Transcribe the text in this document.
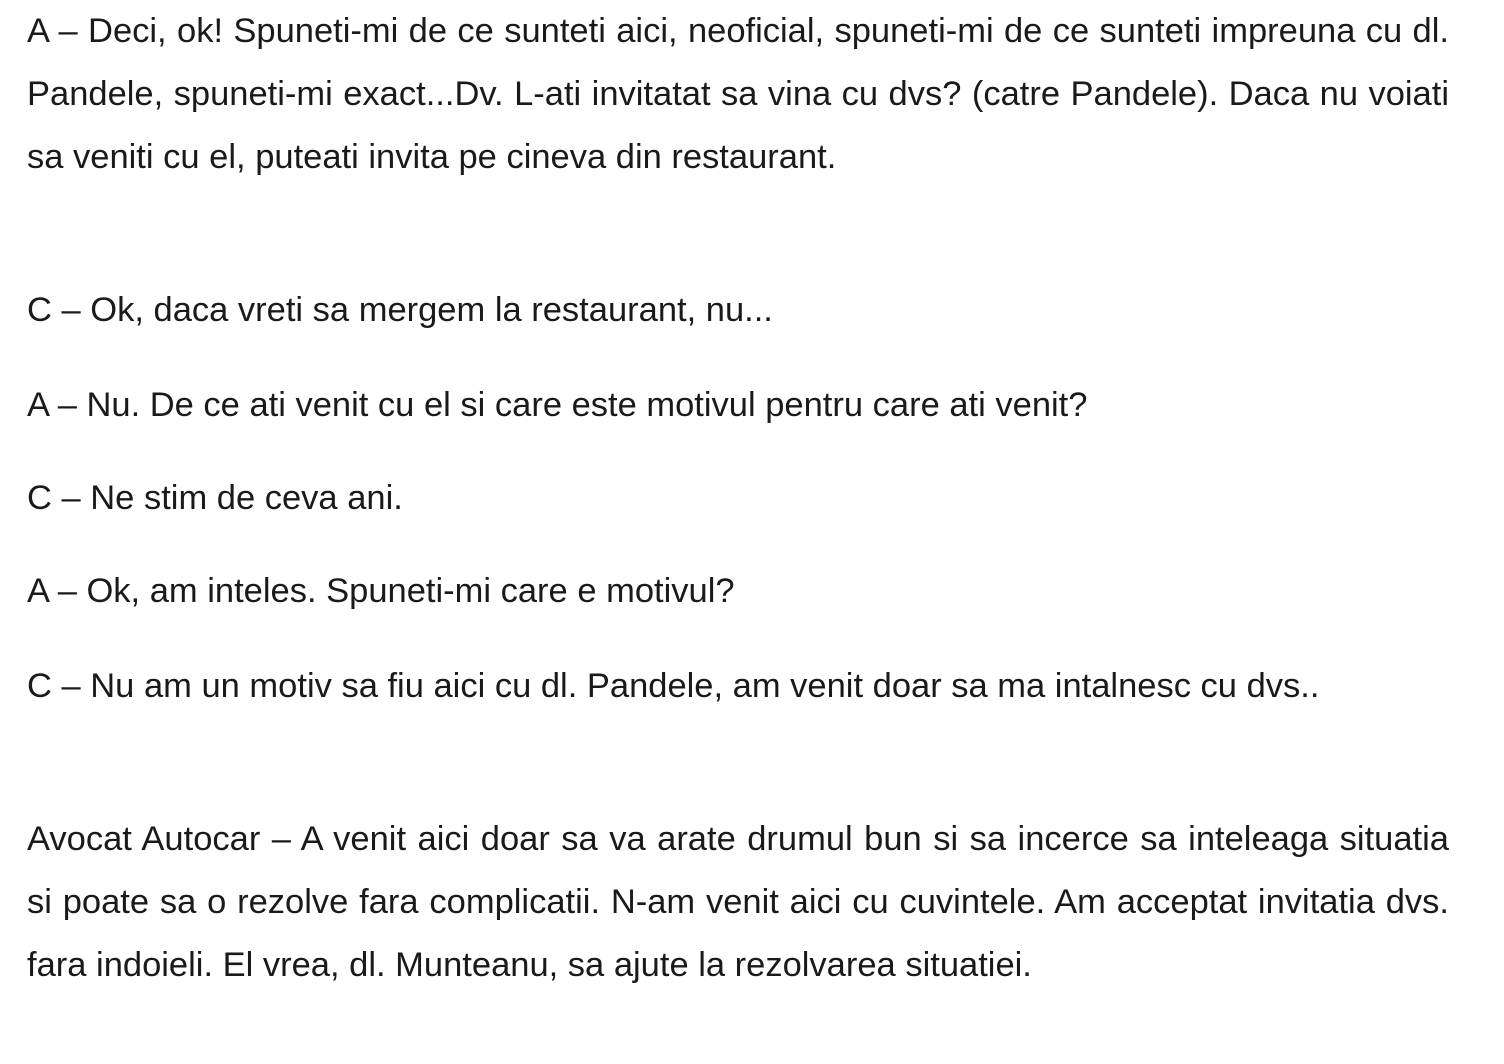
A – Deci, ok! Spuneti-mi de ce sunteti aici, neoficial, spuneti-mi de ce sunteti impreuna cu dl. Pandele, spuneti-mi exact...Dv. L-ati invitatat sa vina cu dvs? (catre Pandele). Daca nu voiati sa veniti cu el, puteati invita pe cineva din restaurant.

C – Ok, daca vreti sa mergem la restaurant, nu...

A – Nu. De ce ati venit cu el si care este motivul pentru care ati venit?

C – Ne stim de ceva ani.

A – Ok, am inteles. Spuneti-mi care e motivul?

C – Nu am un motiv sa fiu aici cu dl. Pandele, am venit doar sa ma intalnesc cu dvs..

Avocat Autocar – A venit aici doar sa va arate drumul bun si sa incerce sa inteleaga situatia si poate sa o rezolve fara complicatii. N-am venit aici cu cuvintele. Am acceptat invitatia dvs. fara indoieli. El vrea, dl. Munteanu, sa ajute la rezolvarea situatiei.
